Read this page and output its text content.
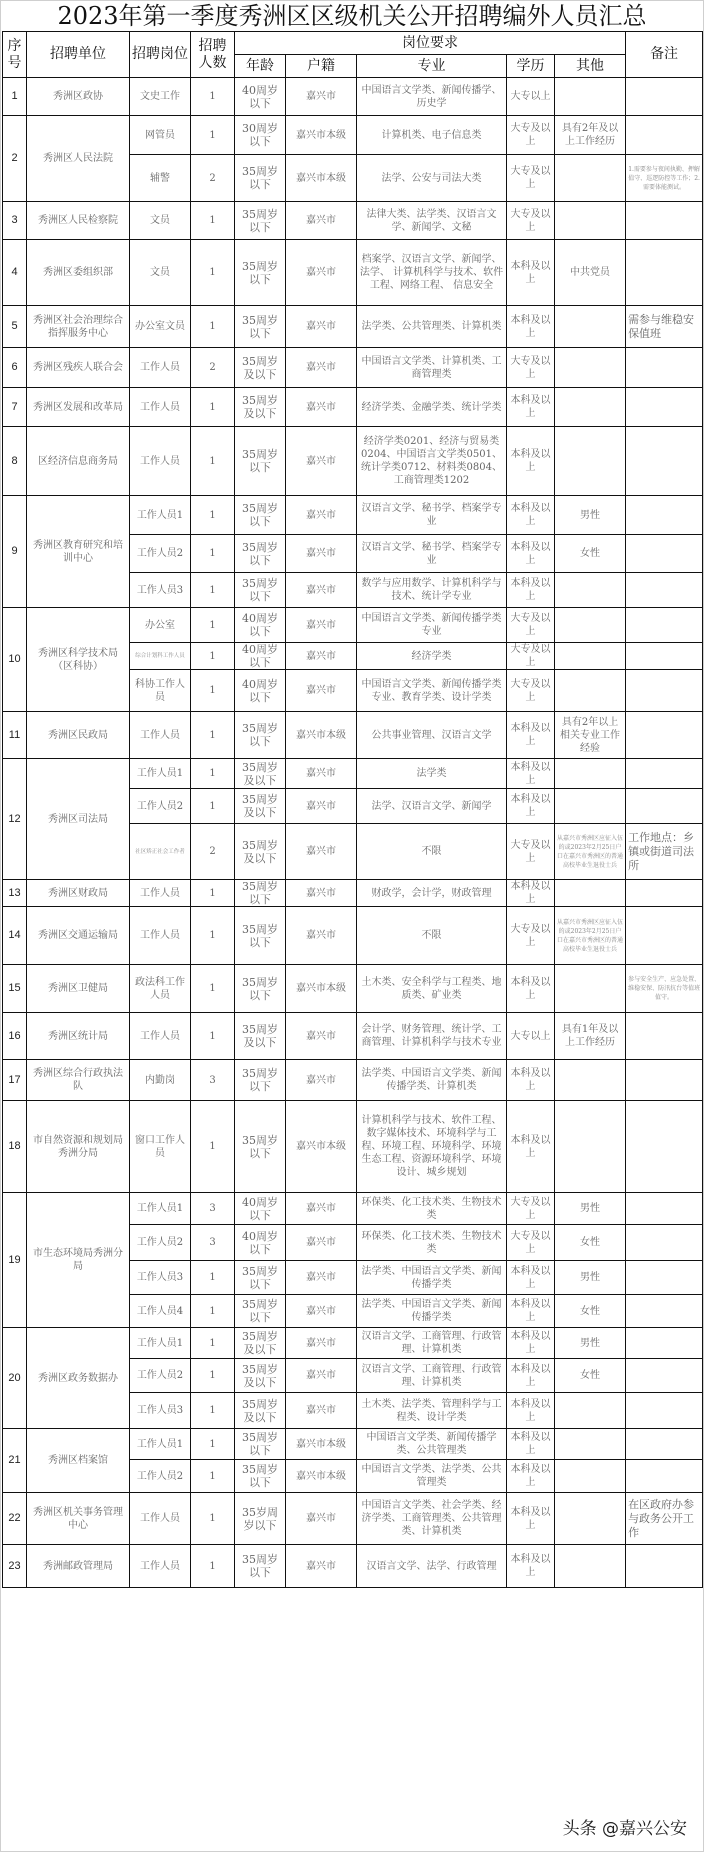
2023年第一季度秀洲区区级机关公开招聘编外人员汇总
序号	招聘单位	招聘岗位	招聘人数	岗位要求					备注
				年龄	户籍	专业	学历	其他	
1	秀洲区政协	文史工作	1	40周岁以下	嘉兴市	中国语言文学类、新闻传播学、历史学	大专以上		
2	秀洲区人民法院	网管员	1	30周岁以下	嘉兴市本级	计算机类、电子信息类	大专及以上	具有2年及以上工作经历	
		辅警	2	35周岁以下	嘉兴市本级	法学、公安与司法大类	大专及以上		1.需要参与夜间执勤、押解值守、巡逻防控等工作；2.需要体能测试。
3	秀洲区人民检察院	文员	1	35周岁以下	嘉兴市	法律大类、法学类、汉语言文学、新闻学、文秘	大专及以上		
4	秀洲区委组织部	文员	1	35周岁以下	嘉兴市	档案学、汉语言文学、新闻学、法学、 计算机科学与技术、软件工程、网络工程、 信息安全	本科及以上	中共党员	
5	秀洲区社会治理综合指挥服务中心	办公室文员	1	35周岁以下	嘉兴市	法学类、公共管理类、计算机类	本科及以上		需参与维稳安保值班
6	秀洲区残疾人联合会	工作人员	2	35周岁及以下	嘉兴市	中国语言文学类、计算机类、工商管理类	大专及以上		
7	秀洲区发展和改革局	工作人员	1	35周岁及以下	嘉兴市	经济学类、金融学类、统计学类	本科及以上		
8	区经济信息商务局	工作人员	1	35周岁以下	嘉兴市	经济学类0201、经济与贸易类0204、中国语言文学类0501、统计学类0712、材料类0804、工商管理类1202	本科及以上		
9	秀洲区教育研究和培训中心	工作人员1	1	35周岁以下	嘉兴市	汉语言文学、秘书学、档案学专业	本科及以上	男性	
		工作人员2	1	35周岁以下	嘉兴市	汉语言文学、秘书学、档案学专业	本科及以上	女性	
		工作人员3	1	35周岁以下	嘉兴市	数学与应用数学、计算机科学与技术、统计学专业	本科及以上		
10	秀洲区科学技术局（区科协）	办公室	1	40周岁以下	嘉兴市	中国语言文学类、新闻传播学类专业	大专及以上		
		综合计划科工作人员	1	40周岁以下	嘉兴市	经济学类	大专及以上		
		科协工作人员	1	40周岁以下	嘉兴市	中国语言文学类、新闻传播学类专业、教育学类、设计学类	大专及以上		
11	秀洲区民政局	工作人员	1	35周岁以下	嘉兴市本级	公共事业管理、汉语言文学	本科及以上	具有2年以上相关专业工作经验	
12	秀洲区司法局	工作人员1	1	35周岁及以下	嘉兴市	法学类	本科及以上		
		工作人员2	1	35周岁及以下	嘉兴市	法学、汉语言文学、新闻学	本科及以上		
		社区矫正社会工作者	2	35周岁及以下	嘉兴市	不限	大专及以上	从嘉兴市秀洲区应征入伍的或2023年2月25日户口在嘉兴市秀洲区的普通高校毕业生退役士兵	工作地点：乡镇或街道司法所
13	秀洲区财政局	工作人员	1	35周岁以下	嘉兴市	财政学，会计学，财政管理	本科及以上		
14	秀洲区交通运输局	工作人员	1	35周岁以下	嘉兴市	不限	大专及以上	从嘉兴市秀洲区应征入伍的或2023年2月25日户口在嘉兴市秀洲区的普通高校毕业生退役士兵	
15	秀洲区卫健局	政法科工作人员	1	35周岁以下	嘉兴市本级	土木类、安全科学与工程类、地质类、矿业类	本科及以上		参与安全生产、应急处置、维稳安保、防汛抗台等值班值守。
16	秀洲区统计局	工作人员	1	35周岁及以下	嘉兴市	会计学、财务管理、统计学、工商管理、计算机科学与技术专业	大专以上	具有1年及以上工作经历	
17	秀洲区综合行政执法队	内勤岗	3	35周岁以下	嘉兴市	法学类、中国语言文学类、新闻传播学类、计算机类	本科及以上		
18	市自然资源和规划局秀洲分局	窗口工作人员	1	35周岁以下	嘉兴市本级	计算机科学与技术、软件工程、数字媒体技术、环境科学与工程、环境工程、环境科学、环境生态工程、资源环境科学、环境设计、城乡规划	本科及以上		
19	市生态环境局秀洲分局	工作人员1	3	40周岁以下	嘉兴市	环保类、化工技术类、生物技术类	大专及以上	男性	
		工作人员2	3	40周岁以下	嘉兴市	环保类、化工技术类、生物技术类	大专及以上	女性	
		工作人员3	1	35周岁以下	嘉兴市	法学类、中国语言文学类、新闻传播学类	本科及以上	男性	
		工作人员4	1	35周岁以下	嘉兴市	法学类、中国语言文学类、新闻传播学类	本科及以上	女性	
20	秀洲区政务数据办	工作人员1	1	35周岁及以下	嘉兴市	汉语言文学、工商管理、行政管理、计算机类	本科及以上	男性	
		工作人员2	1	35周岁及以下	嘉兴市	汉语言文学、工商管理、行政管理、计算机类	本科及以上	女性	
		工作人员3	1	35周岁及以下	嘉兴市	土木类、法学类、管理科学与工程类、设计学类	本科及以上		
21	秀洲区档案馆	工作人员1	1	35周岁以下	嘉兴市本级	中国语言文学类、新闻传播学类、公共管理类	本科及以上		
		工作人员2	1	35周岁以下	嘉兴市本级	中国语言文学类、法学类、公共管理类	本科及以上		
22	秀洲区机关事务管理中心	工作人员	1	35岁周岁以下	嘉兴市	中国语言文学类、社会学类、经济学类、工商管理类、公共管理类、计算机类	本科及以上		在区政府办参与政务公开工作
23	秀洲邮政管理局	工作人员	1	35周岁以下	嘉兴市	汉语言文学、法学、行政管理	本科及以上		
头条 @嘉兴公安
